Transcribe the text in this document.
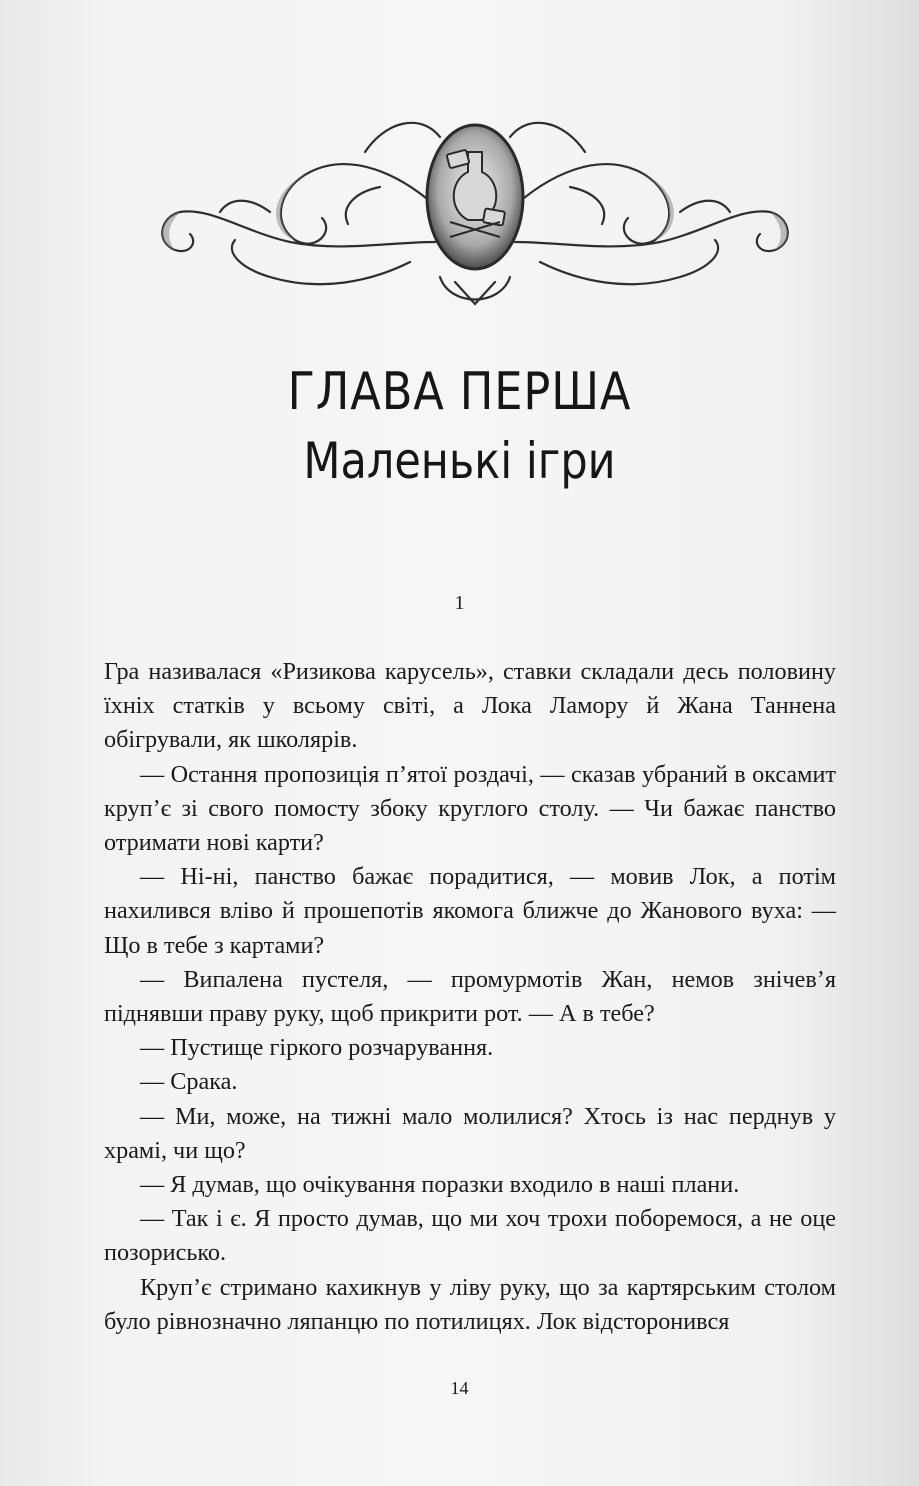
ГЛАВА ПЕРША
Маленькі ігри
1

Гра називалася «Ризикова карусель», ставки складали десь половину їхніх статків у всьому світі, а Лока Ламору й Жана Таннена обігрували, як школярів.

— Остання пропозиція п’ятої роздачі, — сказав убраний в оксамит круп’є зі свого помосту збоку круглого столу. — Чи бажає панство отримати нові карти?

— Ні-ні, панство бажає порадитися, — мовив Лок, а потім нахилився вліво й прошепотів якомога ближче до Жанового вуха: — Що в тебе з картами?

— Випалена пустеля, — промурмотів Жан, немов знічев’я піднявши праву руку, щоб прикрити рот. — А в тебе?

— Пустище гіркого розчарування.

— Срака.

— Ми, може, на тижні мало молилися? Хтось із нас перднув у храмі, чи що?

— Я думав, що очікування поразки входило в наші плани.

— Так і є. Я просто думав, що ми хоч трохи поборемося, а не оце позорисько.

Круп’є стримано кахикнув у ліву руку, що за картярським столом було рівнозначно ляпанцю по потилицях. Лок відсторонився

14
